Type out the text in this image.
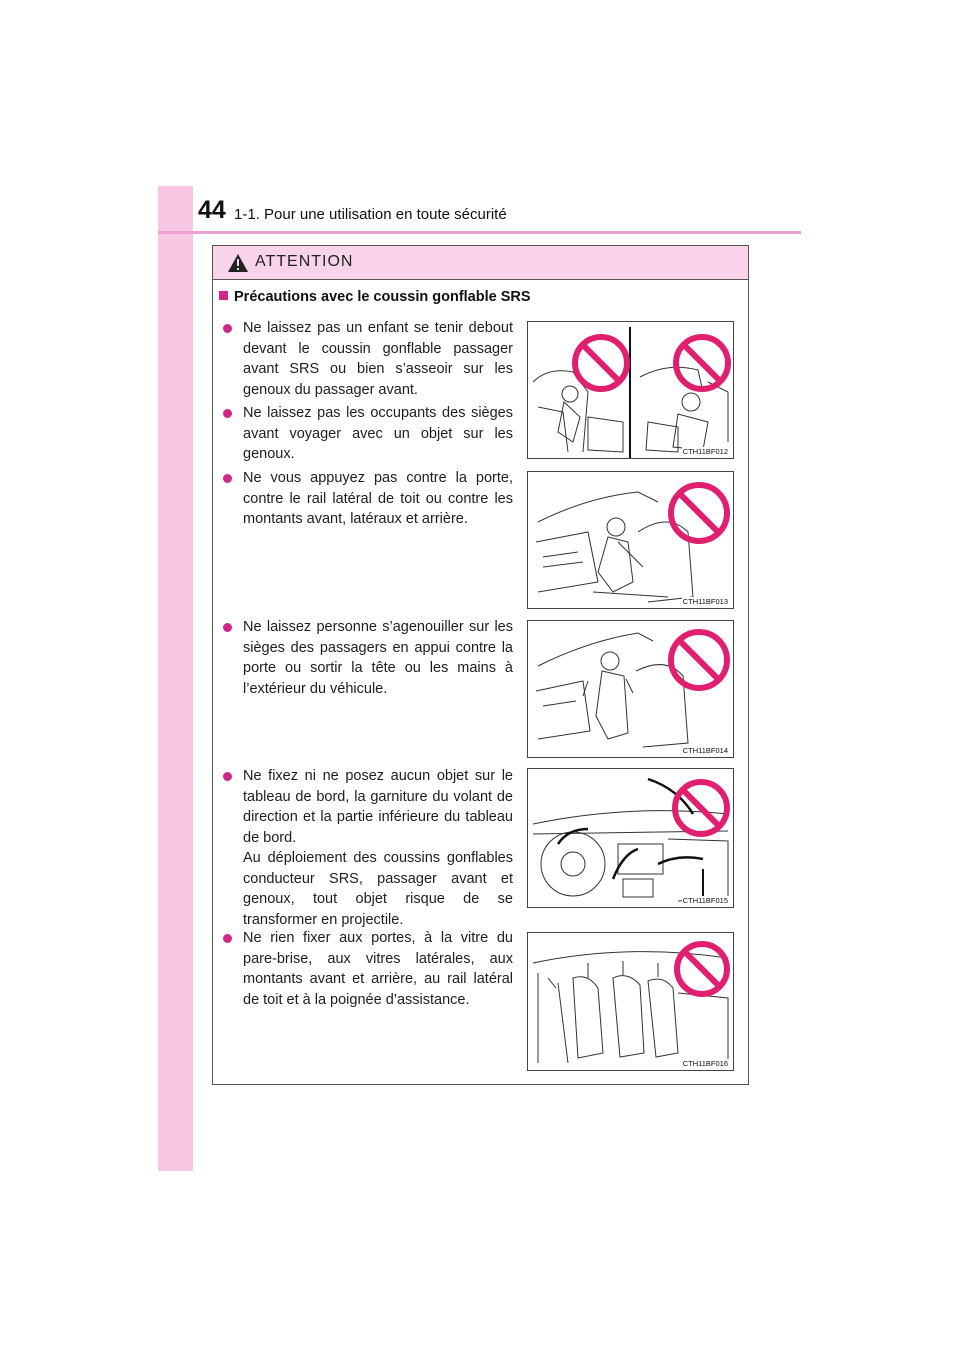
44 1-1. Pour une utilisation en toute sécurité
ATTENTION
Précautions avec le coussin gonflable SRS
Ne laissez pas un enfant se tenir debout devant le coussin gonflable passager avant SRS ou bien s’asseoir sur les genoux du passager avant.
Ne laissez pas les occupants des sièges avant voyager avec un objet sur les genoux.
Ne vous appuyez pas contre la porte, contre le rail latéral de toit ou contre les montants avant, latéraux et arrière.
Ne laissez personne s’agenouiller sur les sièges des passagers en appui contre la porte ou sortir la tête ou les mains à l’extérieur du véhicule.
Ne fixez ni ne posez aucun objet sur le tableau de bord, la garniture du volant de direction et la partie inférieure du tableau de bord.
Au déploiement des coussins gonflables conducteur SRS, passager avant et genoux, tout objet risque de se transformer en projectile.
Ne rien fixer aux portes, à la vitre du pare-brise, aux vitres latérales, aux montants avant et arrière, au rail latéral de toit et à la poignée d’assistance.
CTH11BF012
CTH11BF013
CTH11BF014
CTH11BF015
CTH11BF016
